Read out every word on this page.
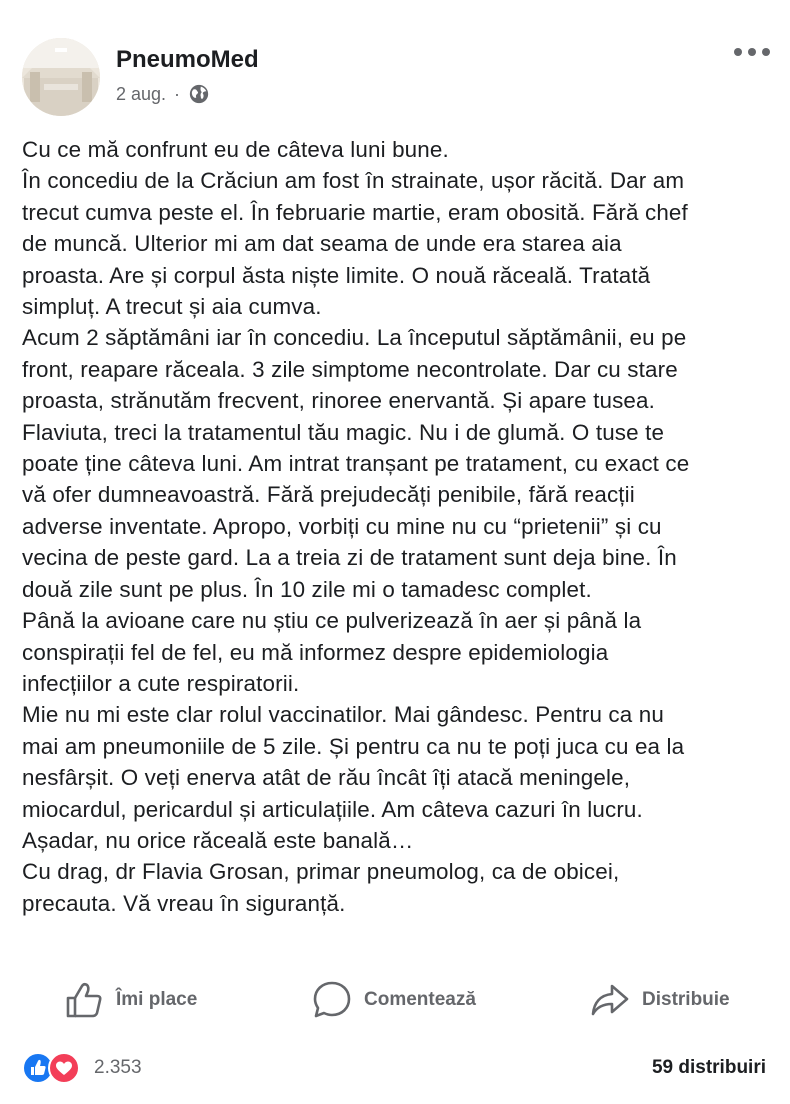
PneumoMed
2 aug. ·
Cu ce mă confrunt eu de câteva luni bune.
În concediu de la Crăciun am fost în strainate, ușor răcită. Dar am
trecut cumva peste el. În februarie martie, eram obosită. Fără chef
de muncă. Ulterior mi am dat seama de unde era starea aia
proasta. Are și corpul ăsta niște limite. O nouă răceală. Tratată
simpluț. A trecut și aia cumva.
Acum 2 săptămâni iar în concediu. La începutul săptămânii, eu pe
front, reapare răceala. 3 zile simptome necontrolate. Dar cu stare
proasta, strănutăm frecvent, rinoree enervantă. Și apare tusea.
Flaviuta, treci la tratamentul tău magic. Nu i de glumă. O tuse te
poate ține câteva luni. Am intrat tranșant pe tratament, cu exact ce
vă ofer dumneavoastră. Fără prejudecăți penibile, fără reacții
adverse inventate. Apropo, vorbiți cu mine nu cu “prietenii” și cu
vecina de peste gard. La a treia zi de tratament sunt deja bine. În
două zile sunt pe plus. În 10 zile mi o tamadesc complet.
Până la avioane care nu știu ce pulverizează în aer și până la
conspirații fel de fel, eu mă informez despre epidemiologia
infecțiilor a cute respiratorii.
Mie nu mi este clar rolul vaccinatilor. Mai gândesc. Pentru ca nu
mai am pneumoniile de 5 zile. Și pentru ca nu te poți juca cu ea la
nesfârșit. O veți enerva atât de rău încât îți atacă meningele,
miocardul, pericardul și articulațiile. Am câteva cazuri în lucru.
Așadar, nu orice răceală este banală…
Cu drag, dr Flavia Grosan, primar pneumolog, ca de obicei,
precauta. Vă vreau în siguranță.
Îmi place	Comentează	Distribuie
2.353	59 distribuiri
